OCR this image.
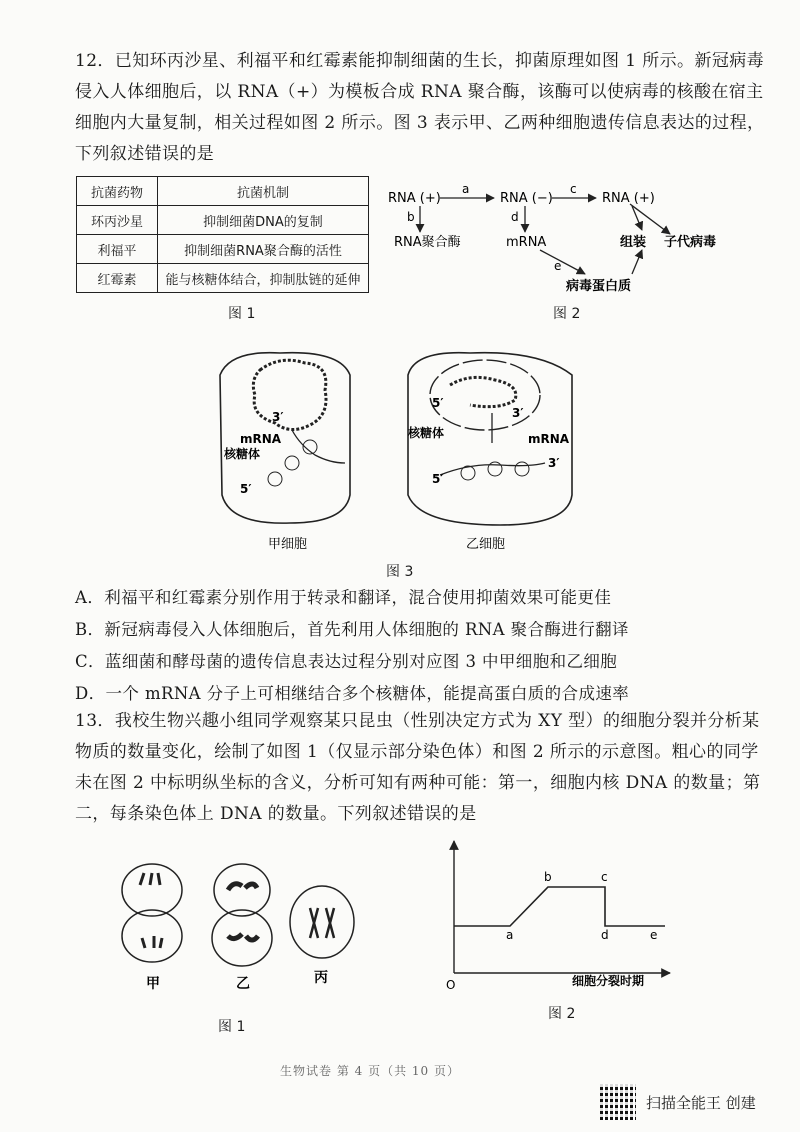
12．已知环丙沙星、利福平和红霉素能抑制细菌的生长，抑菌原理如图 1 所示。新冠病毒侵入人体细胞后，以 RNA（+）为模板合成 RNA 聚合酶，该酶可以使病毒的核酸在宿主细胞内大量复制，相关过程如图 2 所示。图 3 表示甲、乙两种细胞遗传信息表达的过程，下列叙述错误的是
抗菌药物	抗菌机制
环丙沙星	抑制细菌DNA的复制
利福平	抑制细菌RNA聚合酶的活性
红霉素	能与核糖体结合，抑制肽链的延伸
图 1
RNA (+)	RNA (−)	RNA (+)
a	c
b
RNA聚合酶
d
mRNA
e
病毒蛋白质
组装 子代病毒
图 2
3′
mRNA
核糖体
5′
5′
3′
核糖体	mRNA
3′
5′
甲细胞	乙细胞
图 3
A．利福平和红霉素分别作用于转录和翻译，混合使用抑菌效果可能更佳
B．新冠病毒侵入人体细胞后，首先利用人体细胞的 RNA 聚合酶进行翻译
C．蓝细菌和酵母菌的遗传信息表达过程分别对应图 3 中甲细胞和乙细胞
D．一个 mRNA 分子上可相继结合多个核糖体，能提高蛋白质的合成速率
13．我校生物兴趣小组同学观察某只昆虫（性别决定方式为 XY 型）的细胞分裂并分析某物质的数量变化，绘制了如图 1（仅显示部分染色体）和图 2 所示的示意图。粗心的同学未在图 2 中标明纵坐标的含义，分析可知有两种可能：第一，细胞内核 DNA 的数量；第二，每条染色体上 DNA 的数量。下列叙述错误的是
甲	乙	丙
图 1
a
b	c
d	e
O	细胞分裂时期
图 2
生物试卷 第 4 页（共 10 页）
扫描全能王 创建
